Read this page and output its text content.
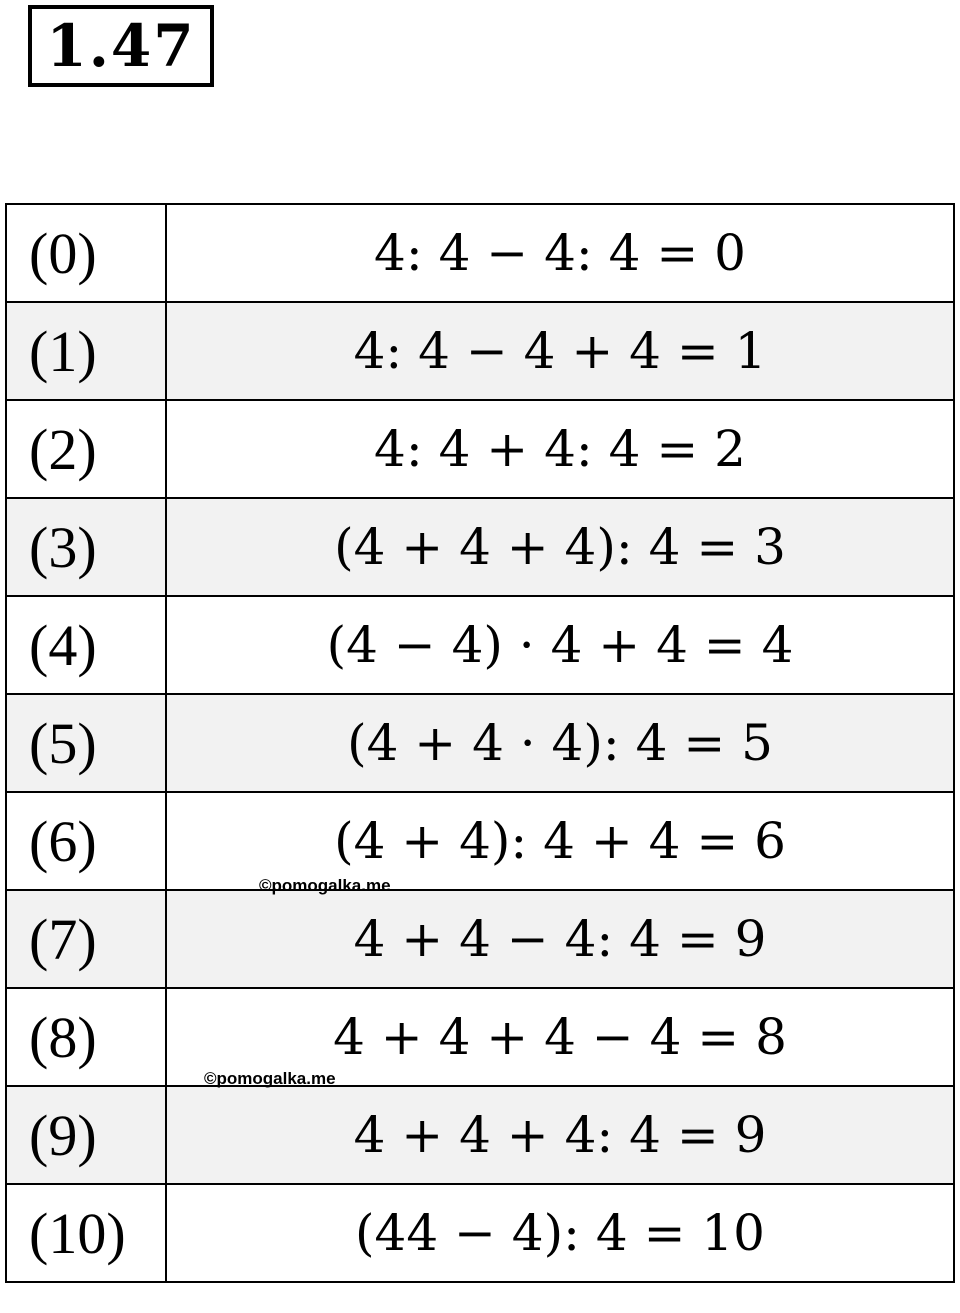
1.47
(0)	4: 4 − 4: 4 = 0
(1)	4: 4 − 4 + 4 = 1
(2)	4: 4 + 4: 4 = 2
(3)	(4 + 4 + 4): 4 = 3
(4)	(4 − 4) · 4 + 4 = 4
(5)	(4 + 4 · 4): 4 = 5
(6)	(4 + 4): 4 + 4 = 6
(7)	4 + 4 − 4: 4 = 9
(8)	4 + 4 + 4 − 4 = 8
(9)	4 + 4 + 4: 4 = 9
(10)	(44 − 4): 4 = 10
©pomogalka.me
©pomogalka.me
